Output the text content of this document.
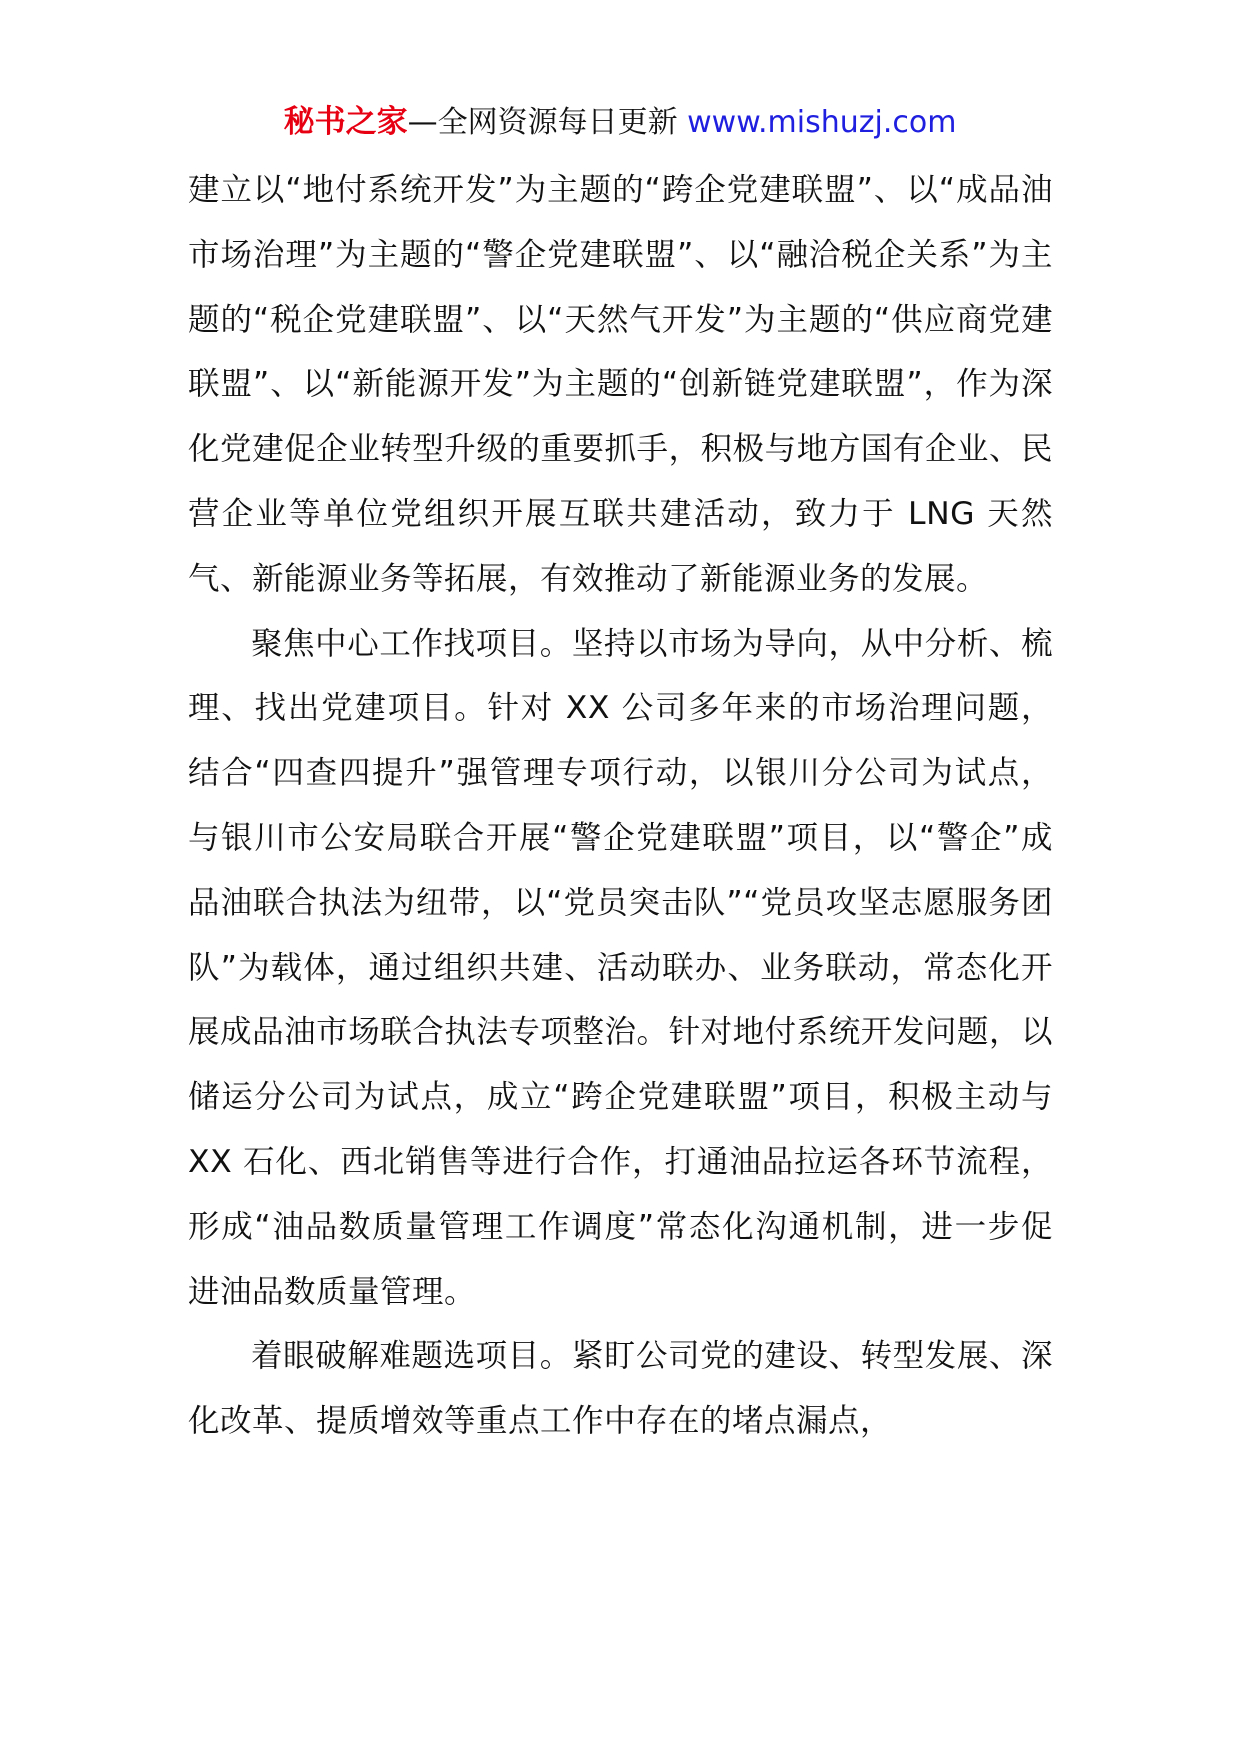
秘书之家—全网资源每日更新 www.mishuzj.com

建立以“地付系统开发”为主题的“跨企党建联盟”、以“成品油市场治理”为主题的“警企党建联盟”、以“融洽税企关系”为主题的“税企党建联盟”、以“天然气开发”为主题的“供应商党建联盟”、以“新能源开发”为主题的“创新链党建联盟”，作为深化党建促企业转型升级的重要抓手，积极与地方国有企业、民营企业等单位党组织开展互联共建活动，致力于 LNG 天然气、新能源业务等拓展，有效推动了新能源业务的发展。

聚焦中心工作找项目。坚持以市场为导向，从中分析、梳理、找出党建项目。针对 XX 公司多年来的市场治理问题，结合“四查四提升”强管理专项行动，以银川分公司为试点，与银川市公安局联合开展“警企党建联盟”项目，以“警企”成品油联合执法为纽带，以“党员突击队”“党员攻坚志愿服务团队”为载体，通过组织共建、活动联办、业务联动，常态化开展成品油市场联合执法专项整治。针对地付系统开发问题，以储运分公司为试点，成立“跨企党建联盟”项目，积极主动与 XX 石化、西北销售等进行合作，打通油品拉运各环节流程，形成“油品数质量管理工作调度”常态化沟通机制，进一步促进油品数质量管理。

着眼破解难题选项目。紧盯公司党的建设、转型发展、深化改革、提质增效等重点工作中存在的堵点漏点，
